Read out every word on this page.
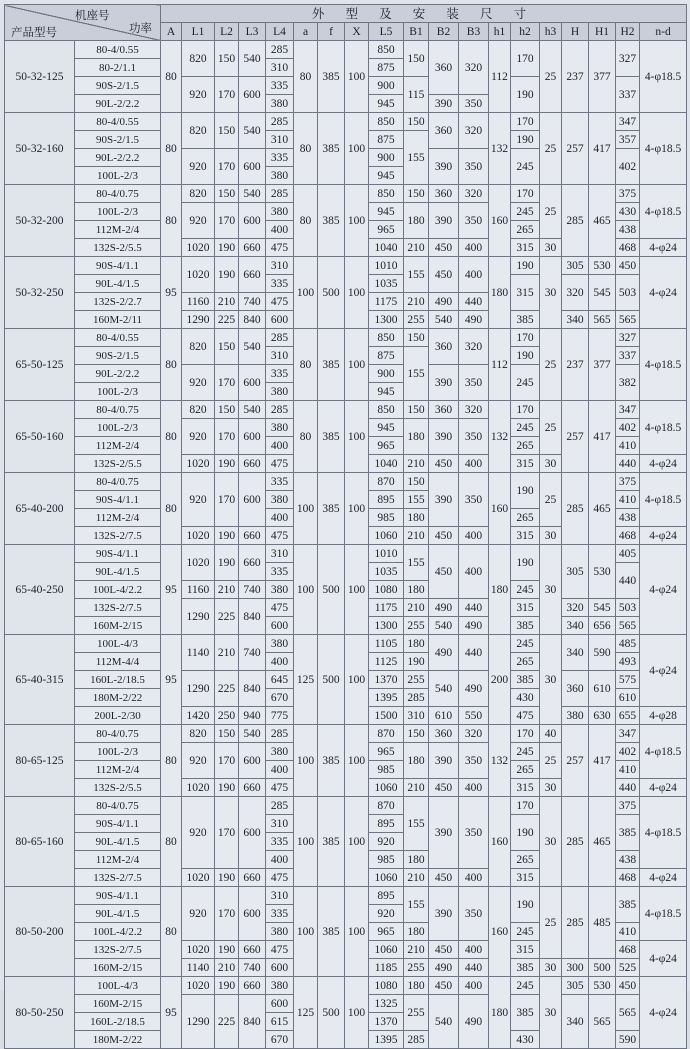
机座号
产品型号 功率		外 型 及 安 装 尺 寸																		
		A	L1	L2	L3	L4	a	f	X	L5	B1	B2	B3	h1	h2	h3	H	H1	H2	n-d
50-32-125	80-4/0.55	80	820	150	540	285	80	385	100	850	150	360	320	112	170	25	237	377	327	4-φ18.5
	80-2/1.1					310				875										
	90S-2/1.5		920	170	600	335				900	115				190				337	
	90L-2/2.2					380				945		390	350							
50-32-160	80-4/0.55	80	820	150	540	285	80	385	100	850	150	360	320	132	170	25	257	417	347	4-φ18.5
	90S-2/1.5					310				875	155				190				357	
	90L-2/2.2		920	170	600	335				900		390	350		245				402	
	100L-2/3					380				945										
50-32-200	80-4/0.75	80	820	150	540	285	80	385	100	850	150	360	320	160	170	25	285	465	375	4-φ18.5
	100L-2/3		920	170	600	380				945	180	390	350		245				430	
	112M-2/4					400				965					265				438	
	132S-2/5.5		1020	190	660	475				1040	210	450	400		315	30			468	4-φ24
50-32-250	90S-4/1.1	95	1020	190	660	310	100	500	100	1010	155	450	400	180	190	30	305	530	450	4-φ24
	90L-4/1.5					335				1035					315		320	545	503	
	132S-2/2.7		1160	210	740	475				1175	210	490	440							
	160M-2/11		1290	225	840	600				1300	255	540	490		385		340	565	565	
65-50-125	80-4/0.55	80	820	150	540	285	80	385	100	850	150	360	320	112	170	25	237	377	327	4-φ18.5
	90S-2/1.5					310				875	155				190				337	
	90L-2/2.2		920	170	600	335				900		390	350		245				382	
	100L-2/3					380				945										
65-50-160	80-4/0.75	80	820	150	540	285	80	385	100	850	150	360	320	132	170	25	257	417	347	4-φ18.5
	100L-2/3		920	170	600	380				945	180	390	350		245				402	
	112M-2/4					400				965					265				410	
	132S-2/5.5		1020	190	660	475				1040	210	450	400		315	30			440	4-φ24
65-40-200	80-4/0.75	80	920	170	600	335	100	385	100	870	150	390	350	160	190	25	285	465	375	4-φ18.5
	90S-4/1.1					380				895	155								410	
	112M-2/4					400				985	180				265				438	
	132S-2/7.5		1020	190	660	475				1060	210	450	400		315	30			468	4-φ24
65-40-250	90S-4/1.1	95	1020	190	660	310	100	500	100	1010	155	450	400	180	190	30	305	530	405	4-φ24
	90L-4/1.5					335				1035									440	
	100L-4/2.2		1160	210	740	380				1080	180				245					
	132S-2/7.5		1290	225	840	475				1175	210	490	440		315		320	545	503	
	160M-2/15					600				1300	255	540	490		385		340	656	565	
65-40-315	100L-4/3	95	1140	210	740	380	125	500	100	1105	180	490	440	200	245	30	340	590	485	4-φ24
	112M-4/4					400				1125	190				265				493	
	160L-2/18.5		1290	225	840	645				1370	255	540	490		385		360	610	575	
	180M-2/22					670				1395	285				430				610	
	200L-2/30		1420	250	940	775				1500	310	610	550		475		380	630	655	4-φ28
80-65-125	80-4/0.75	80	820	150	540	285	100	385	100	870	150	360	320	132	170	40	257	417	347	4-φ18.5
	100L-2/3		920	170	600	380				965	180	390	350		245	25			402	
	112M-2/4					400				985					265				410	
	132S-2/5.5		1020	190	660	475				1060	210	450	400		315	30			440	4-φ24
80-65-160	80-4/0.75	80	920	170	600	285	100	385	100	870	155	390	350	160	170	30	285	465	375	4-φ18.5
	90S-4/1.1					310				895					190				385	
	90L-4/1.5					335				920										
	112M-2/4					400				985	180				265				438	
	132S-2/7.5		1020	190	660	475				1060	210	450	400		315				468	4-φ24
80-50-200	90S-4/1.1	80	920	170	600	310	100	385	100	895	155	390	350	160	190	25	285	485	385	4-φ18.5
	90L-4/1.5					335				920										
	100L-4/2.2					380				965	180				245				410	
	132S-2/7.5		1020	190	660	475				1060	210	450	400		315				468	4-φ24
	160M-2/15		1140	210	740	600				1185	255	490	440		385	30	300	500	525	
80-50-250	100L-4/3	95	1020	190	660	380	125	500	100	1080	180	450	400	180	245	30	305	530	450	4-φ24
	160M-2/15		1290	225	840	600				1325	255	540	490		385		340	565	565	
	160L-2/18.5					615				1370										
	180M-2/22					670				1395	285				430				590	
